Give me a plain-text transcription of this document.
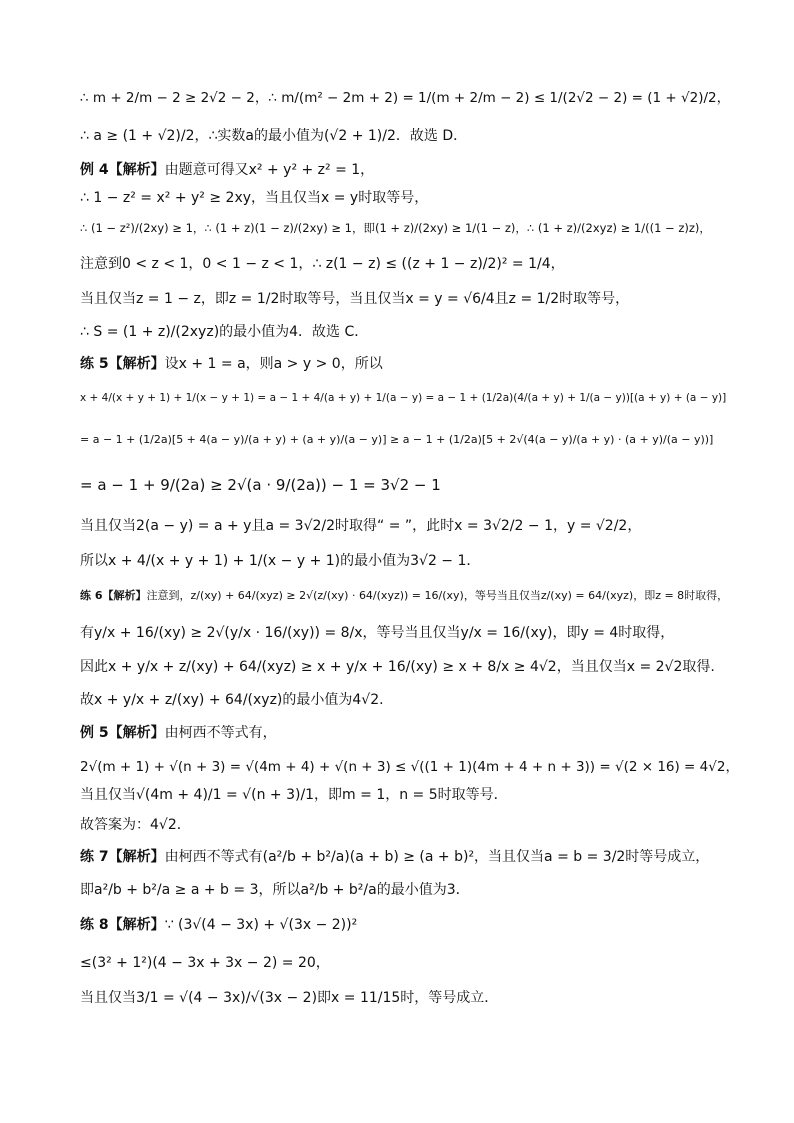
∴ m + 2/m − 2 ≥ 2√2 − 2，∴ m/(m² − 2m + 2) = 1/(m + 2/m − 2) ≤ 1/(2√2 − 2) = (1 + √2)/2，
∴ a ≥ (1 + √2)/2，∴实数a的最小值为(√2 + 1)/2．故选 D．
例 4【解析】由题意可得又x² + y² + z² = 1，
∴ 1 − z² = x² + y² ≥ 2xy，当且仅当x = y时取等号，
∴ (1 − z²)/(2xy) ≥ 1，∴ (1 + z)(1 − z)/(2xy) ≥ 1，即(1 + z)/(2xy) ≥ 1/(1 − z)，∴ (1 + z)/(2xyz) ≥ 1/((1 − z)z)，
注意到0 < z < 1，0 < 1 − z < 1，∴ z(1 − z) ≤ ((z + 1 − z)/2)² = 1/4，
当且仅当z = 1 − z，即z = 1/2时取等号，当且仅当x = y = √6/4且z = 1/2时取等号，
∴ S = (1 + z)/(2xyz)的最小值为4．故选 C．
练 5【解析】设x + 1 = a，则a > y > 0，所以
x + 4/(x + y + 1) + 1/(x − y + 1) = a − 1 + 4/(a + y) + 1/(a − y) = a − 1 + (1/2a)(4/(a + y) + 1/(a − y))[(a + y) + (a − y)]
= a − 1 + (1/2a)[5 + 4(a − y)/(a + y) + (a + y)/(a − y)] ≥ a − 1 + (1/2a)[5 + 2√(4(a − y)/(a + y) · (a + y)/(a − y))]
= a − 1 + 9/(2a) ≥ 2√(a · 9/(2a)) − 1 = 3√2 − 1
当且仅当2(a − y) = a + y且a = 3√2/2时取得“ = ”，此时x = 3√2/2 − 1，y = √2/2，
所以x + 4/(x + y + 1) + 1/(x − y + 1)的最小值为3√2 − 1．
练 6【解析】注意到，z/(xy) + 64/(xyz) ≥ 2√(z/(xy) · 64/(xyz)) = 16/(xy)，等号当且仅当z/(xy) = 64/(xyz)，即z = 8时取得，
有y/x + 16/(xy) ≥ 2√(y/x · 16/(xy)) = 8/x，等号当且仅当y/x = 16/(xy)，即y = 4时取得，
因此x + y/x + z/(xy) + 64/(xyz) ≥ x + y/x + 16/(xy) ≥ x + 8/x ≥ 4√2，当且仅当x = 2√2取得.
故x + y/x + z/(xy) + 64/(xyz)的最小值为4√2.
例 5【解析】由柯西不等式有，
2√(m + 1) + √(n + 3) = √(4m + 4) + √(n + 3) ≤ √((1 + 1)(4m + 4 + n + 3)) = √(2 × 16) = 4√2，
当且仅当√(4m + 4)/1 = √(n + 3)/1，即m = 1，n = 5时取等号．
故答案为：4√2．
练 7【解析】由柯西不等式有(a²/b + b²/a)(a + b) ≥ (a + b)²，当且仅当a = b = 3/2时等号成立，
即a²/b + b²/a ≥ a + b = 3，所以a²/b + b²/a的最小值为3．
练 8【解析】∵ (3√(4 − 3x) + √(3x − 2))²
≤(3² + 1²)(4 − 3x + 3x − 2) = 20，
当且仅当3/1 = √(4 − 3x)/√(3x − 2)即x = 11/15时，等号成立．
